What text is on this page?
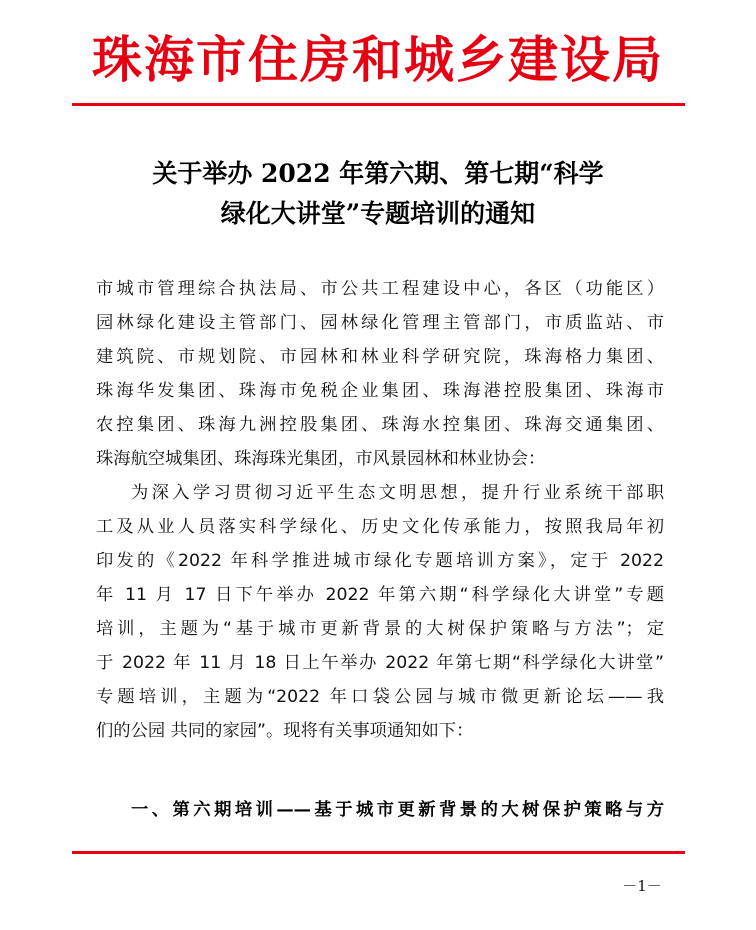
珠海市住房和城乡建设局
关于举办 2022 年第六期、第七期“科学
绿化大讲堂”专题培训的通知
市城市管理综合执法局、市公共工程建设中心，各区（功能区）
园林绿化建设主管部门、园林绿化管理主管部门，市质监站、市
建筑院、市规划院、市园林和林业科学研究院，珠海格力集团、
珠海华发集团、珠海市免税企业集团、珠海港控股集团、珠海市
农控集团、珠海九洲控股集团、珠海水控集团、珠海交通集团、
珠海航空城集团、珠海珠光集团，市风景园林和林业协会：
为深入学习贯彻习近平生态文明思想，提升行业系统干部职
工及从业人员落实科学绿化、历史文化传承能力，按照我局年初
印发的《2022 年科学推进城市绿化专题培训方案》，定于 2022
年 11 月 17 日下午举办 2022 年第六期“科学绿化大讲堂”专题
培训，主题为“基于城市更新背景的大树保护策略与方法”；定
于 2022 年 11 月 18 日上午举办 2022 年第七期“科学绿化大讲堂”
专题培训，主题为“2022 年口袋公园与城市微更新论坛——我
们的公园 共同的家园”。现将有关事项通知如下：
一、第六期培训——基于城市更新背景的大树保护策略与方
－1－
